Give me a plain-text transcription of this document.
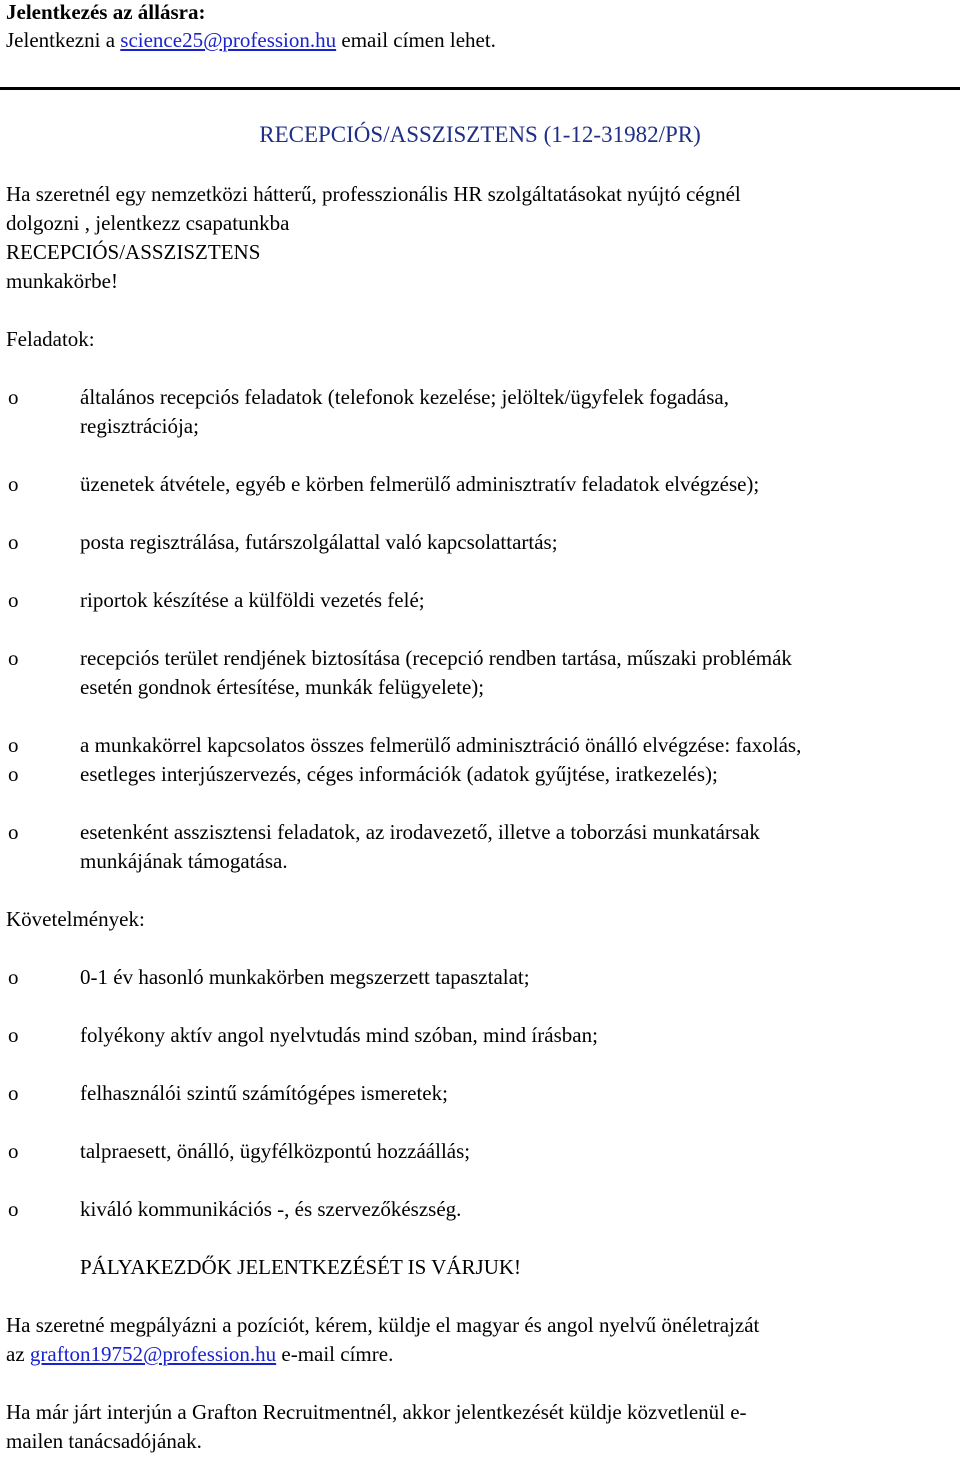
Jelentkezés az állásra:
Jelentkezni a science25@profession.hu email címen lehet.
RECEPCIÓS/ASSZISZTENS (1-12-31982/PR)
Ha szeretnél egy nemzetközi hátterű, professzionális HR szolgáltatásokat nyújtó cégnél
dolgozni , jelentkezz csapatunkba
RECEPCIÓS/ASSZISZTENS
munkakörbe!
Feladatok:
o	általános recepciós feladatok (telefonok kezelése; jelöltek/ügyfelek fogadása,
regisztrációja;
o	üzenetek átvétele, egyéb e körben felmerülő adminisztratív feladatok elvégzése);
o	posta regisztrálása, futárszolgálattal való kapcsolattartás;
o	riportok készítése a külföldi vezetés felé;
o	recepciós terület rendjének biztosítása (recepció rendben tartása, műszaki problémák
esetén gondnok értesítése, munkák felügyelete);
o	a munkakörrel kapcsolatos összes felmerülő adminisztráció önálló elvégzése: faxolás,
o	esetleges interjúszervezés, céges információk (adatok gyűjtése, iratkezelés);
o	esetenként asszisztensi feladatok, az irodavezető, illetve a toborzási munkatársak
munkájának támogatása.
Követelmények:
o	0-1 év hasonló munkakörben megszerzett tapasztalat;
o	folyékony aktív angol nyelvtudás mind szóban, mind írásban;
o	felhasználói szintű számítógépes ismeretek;
o	talpraesett, önálló, ügyfélközpontú hozzáállás;
o	kiváló kommunikációs -, és szervezőkészség.
PÁLYAKEZDŐK JELENTKEZÉSÉT IS VÁRJUK!
Ha szeretné megpályázni a pozíciót, kérem, küldje el magyar és angol nyelvű önéletrajzát
az grafton19752@profession.hu e-mail címre.
Ha már járt interjún a Grafton Recruitmentnél, akkor jelentkezését küldje közvetlenül e-
mailen tanácsadójának.
